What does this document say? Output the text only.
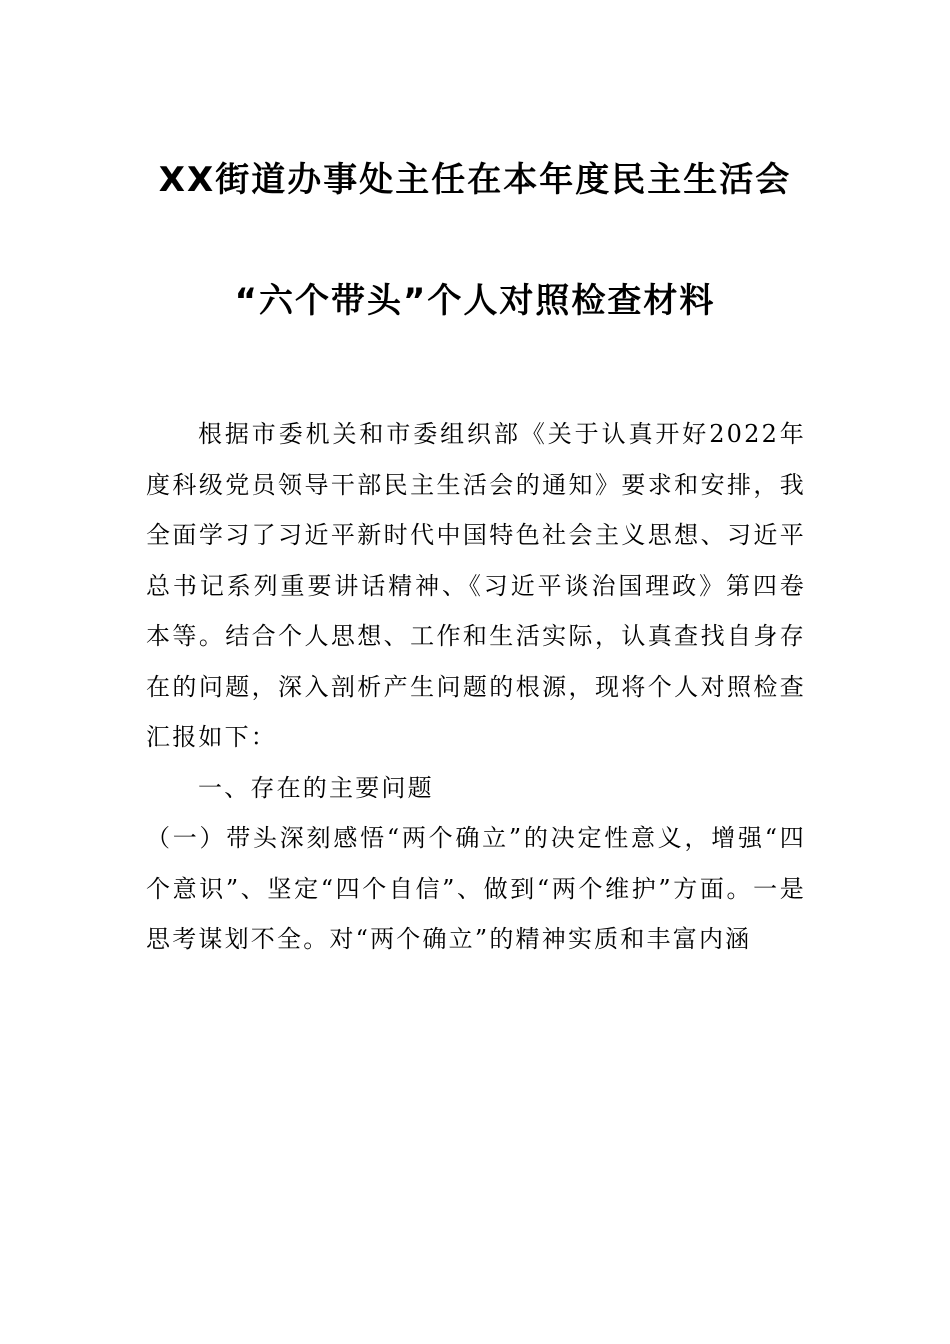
XX街道办事处主任在本年度民主生活会
“六个带头”个人对照检查材料

根据市委机关和市委组织部《关于认真开好2022年度科级党员领导干部民主生活会的通知》要求和安排，我全面学习了习近平新时代中国特色社会主义思想、习近平总书记系列重要讲话精神、《习近平谈治国理政》第四卷本等。结合个人思想、工作和生活实际，认真查找自身存在的问题，深入剖析产生问题的根源，现将个人对照检查汇报如下：

一、存在的主要问题

（一）带头深刻感悟“两个确立”的决定性意义，增强“四个意识”、坚定“四个自信”、做到“两个维护”方面。一是思考谋划不全。对“两个确立”的精神实质和丰富内涵
